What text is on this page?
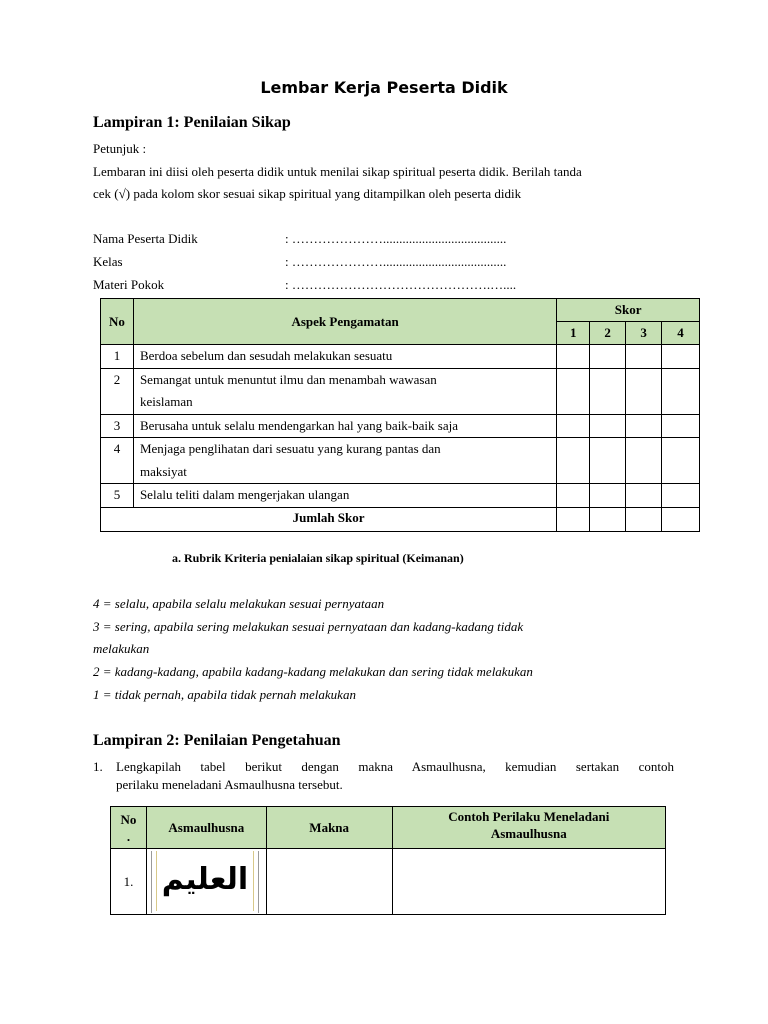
Lembar Kerja Peserta Didik
Lampiran 1: Penilaian Sikap
Petunjuk :
Lembaran ini diisi oleh peserta didik untuk menilai sikap spiritual peserta didik. Berilah tanda
cek (√) pada kolom skor sesuai sikap spiritual yang ditampilkan oleh peserta didik
Nama Peserta Didik	: …………………......................................
Kelas	: …………………......................................
Materi Pokok	: ……………………………………….…....
No	Aspek Pengamatan	Skor			
		1	2	3	4
1	Berdoa sebelum dan sesudah melakukan sesuatu				
2	Semangat untuk menuntut ilmu dan menambah wawasan
keislaman				
3	Berusaha untuk selalu mendengarkan hal yang baik-baik saja				
4	Menjaga penglihatan dari sesuatu yang kurang pantas dan
maksiyat				
5	Selalu teliti dalam mengerjakan ulangan				
Jumlah Skor					
a. Rubrik Kriteria penialaian sikap spiritual (Keimanan)
4 = selalu, apabila selalu melakukan sesuai pernyataan
3 = sering, apabila sering melakukan sesuai pernyataan dan kadang-kadang tidak
melakukan
2 = kadang-kadang, apabila kadang-kadang melakukan dan sering tidak melakukan
1 = tidak pernah, apabila tidak pernah melakukan
Lampiran 2: Penilaian Pengetahuan
1. Lengkapilah tabel berikut dengan makna Asmaulhusna, kemudian sertakan contoh
perilaku meneladani Asmaulhusna tersebut.
No
.	Asmaulhusna	Makna	Contoh Perilaku Meneladani
Asmaulhusna
1.	العليم		
